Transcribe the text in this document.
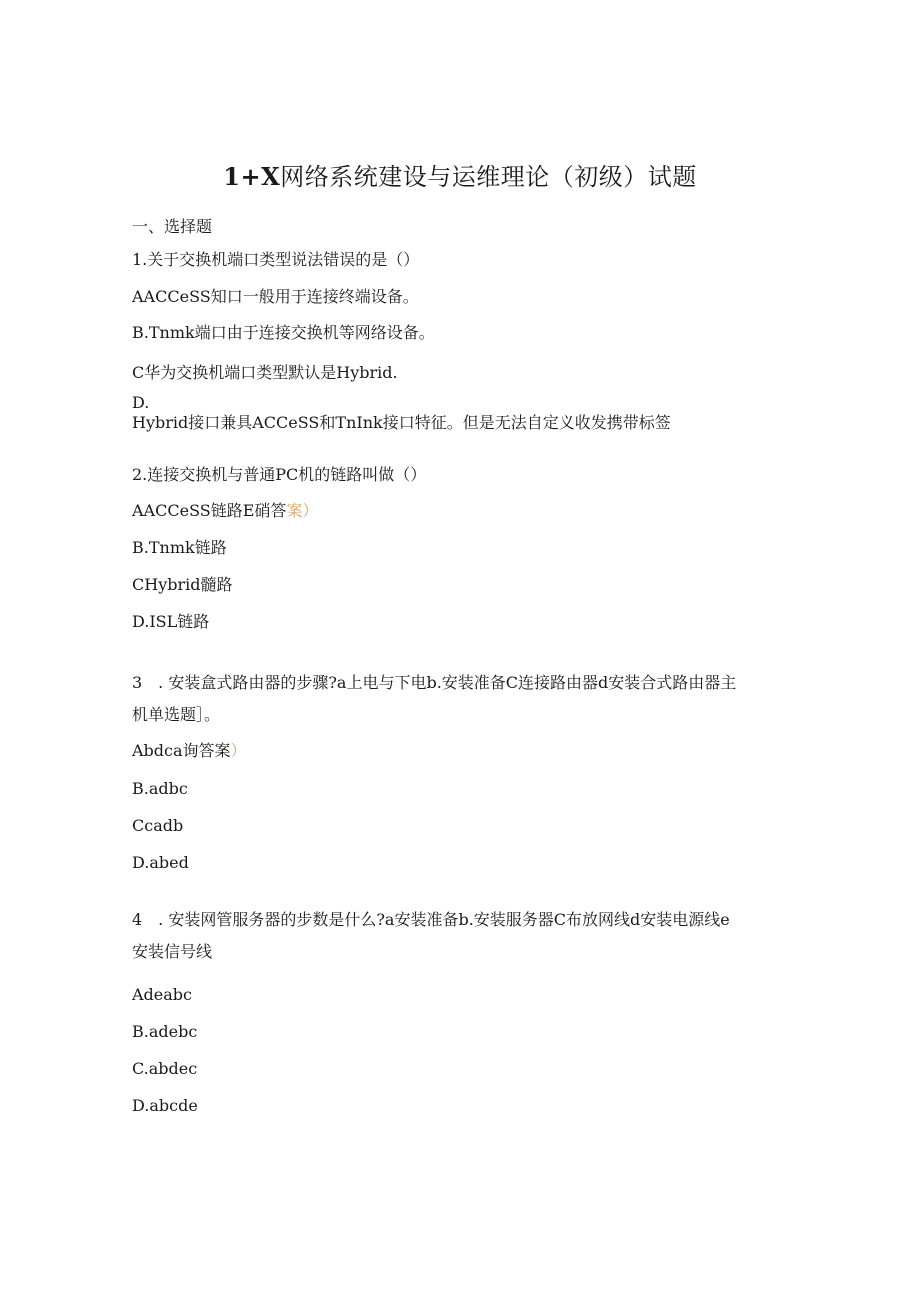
1+X网络系统建设与运维理论（初级）试题
一、选择题
1.关于交换机端口类型说法错误的是（）
AACCeSS知口一般用于连接终端设备。
B.Tnmk端口由于连接交换机等网络设备。
C华为交换机端口类型默认是Hybrid.
D.
Hybrid接口兼具ACCeSS和TnInk接口特征。但是无法自定义收发携带标签
2.连接交换机与普通PC机的链路叫做（）
AACCeSS链路E硝答案）
B.Tnmk链路
CHybrid髓路
D.ISL链路
3　. 安装盒式路由器的步骤?a上电与下电b.安装准备C连接路由器d安装合式路由器主
机单选题］。
Abdca询答案）
B.adbc
Ccadb
D.abed
4　. 安装网管服务器的步数是什么?a安装准备b.安装服务器C布放网线d安装电源线e
安装信号线
Adeabc
B.adebc
C.abdec
D.abcde
